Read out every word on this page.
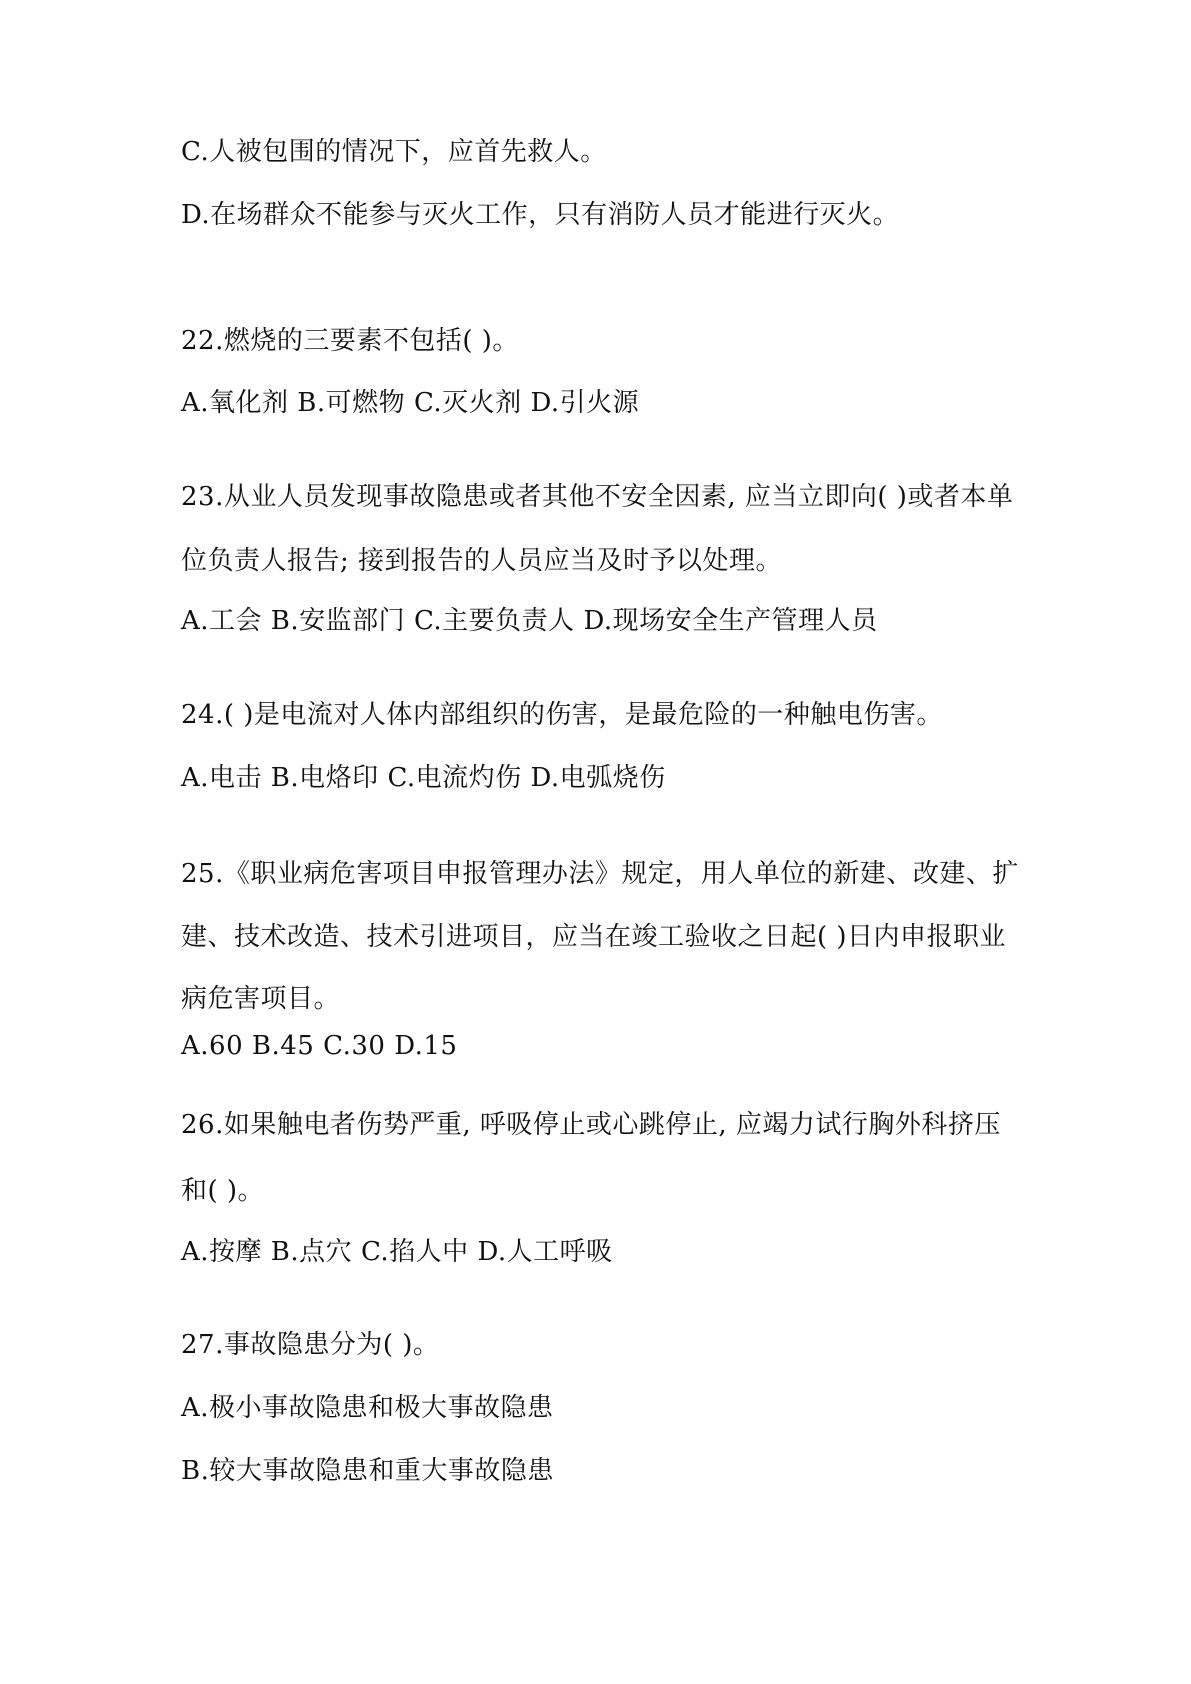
C.人被包围的情况下，应首先救人。
D.在场群众不能参与灭火工作，只有消防人员才能进行灭火。
22.燃烧的三要素不包括( )。
A.氧化剂 B.可燃物 C.灭火剂 D.引火源
23.从业人员发现事故隐患或者其他不安全因素, 应当立即向( )或者本单
位负责人报告; 接到报告的人员应当及时予以处理。
A.工会 B.安监部门 C.主要负责人 D.现场安全生产管理人员
24.( )是电流对人体内部组织的伤害，是最危险的一种触电伤害。
A.电击 B.电烙印 C.电流灼伤 D.电弧烧伤
25.《职业病危害项目申报管理办法》规定，用人单位的新建、改建、扩
建、技术改造、技术引进项目，应当在竣工验收之日起( )日内申报职业
病危害项目。
A.60 B.45 C.30 D.15
26.如果触电者伤势严重, 呼吸停止或心跳停止, 应竭力试行胸外科挤压
和( )。
A.按摩 B.点穴 C.掐人中 D.人工呼吸
27.事故隐患分为( )。
A.极小事故隐患和极大事故隐患
B.较大事故隐患和重大事故隐患
